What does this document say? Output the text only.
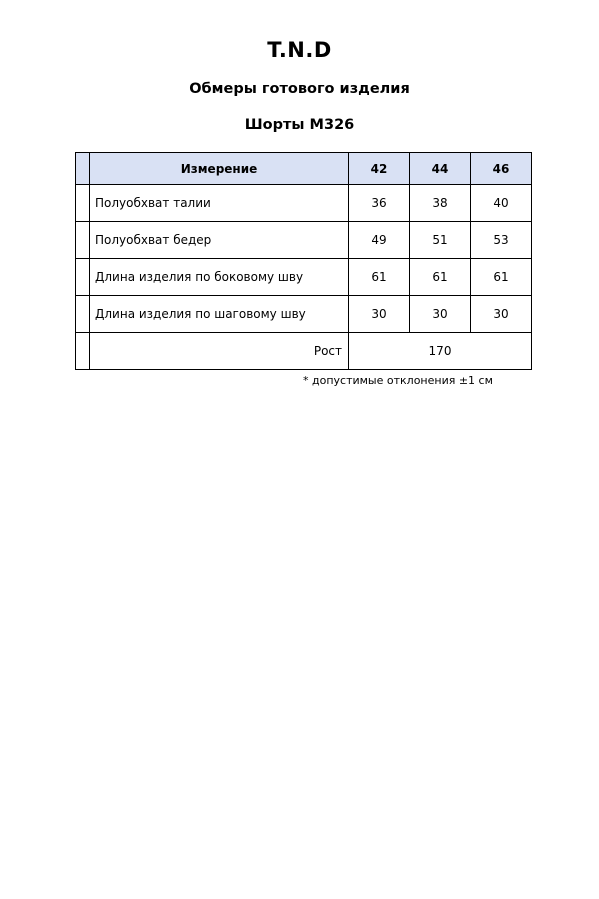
T.N.D
Обмеры готового изделия
Шорты М326
	Измерение	42	44	46
	Полуобхват талии	36	38	40
	Полуобхват бедер	49	51	53
	Длина изделия по боковому шву	61	61	61
	Длина изделия по шаговому шву	30	30	30
	Рост	170		
* допустимые отклонения ±1 см
